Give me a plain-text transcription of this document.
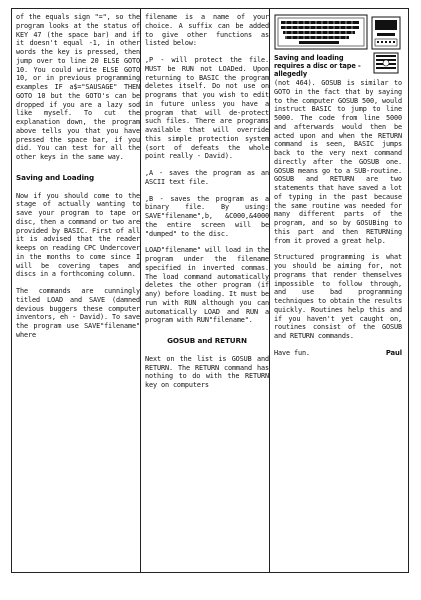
of the equals sign "=", so the program looks at the status of KEY 47 (the space bar) and if it doesn't equal -1, in other words the key is pressed, then jump over to line 20 ELSE GOTO 10. You could write ELSE GOTO 10, or in previous programming examples IF a$="SAUSAGE" THEN GOTO 10 but the GOTO's can be dropped if you are a lazy sod like myself. To cut the explanation down, the program above tells you that you have pressed the space bar, if you did. You can test for all the other keys in the same way.

Saving and Loading

Now if you should come to the stage of actually wanting to save your program to tape or disc, then a command or two are provided by BASIC. First of all it is advised that the reader keeps on reading CPC Undercover in the months to come since I will be covering tapes and discs in a forthcoming column.

The commands are cunningly titled LOAD and SAVE (damned devious buggers these computer inventors, eh - David). To save the program use SAVE"filename" where

filename is a name of your choice. A suffix can be added to give other functions as listed below:

,P - will protect the file. MUST be RUN not LOADed. Upon returning to BASIC the program deletes itself. Do not use on programs that you wish to edit in future unless you have a program that will de-protect such files. There are programs available that will override this simple protection system (sort of defeats the whole point really - David).

,A - saves the program as an ASCII text file.

,B - saves the program as a binary file. By using: SAVE"filename",b, &C000,&4000 the entire screen will be "dumped" to the disc.

LOAD"filename" will load in the program under the filename specified in inverted commas. The load command automatically deletes the other program (if any) before loading. It must be run with RUN although you can automatically LOAD and RUN a program with RUN"filename".

GOSUB and RETURN

Next on the list is GOSUB and RETURN. The RETURN command has nothing to do with the RETURN key on computers

Saving and loading requires a disc or tape - allegedly

(not 464). GOSUB is similar to GOTO in the fact that by saying to the computer GOSUB 500, would instruct BASIC to jump to line 5000. The code from line 5000 and afterwards would then be acted upon and when the RETURN command is seen, BASIC jumps back to the very next command directly after the GOSUB one. GOSUB means go to a SUB-routine. GOSUB and RETURN are two statements that have saved a lot of typing in the past because the same routine was needed for many different parts of the program, and so by GOSUBing to this part and then RETURNing from it proved a great help.

Structured programming is what you should be aiming for, not programs that render themselves impossible to follow through, and use bad programming techniques to obtain the results quickly. Routines help this and if you haven't yet caught on, routines consist of the GOSUB and RETURN commands.

Have fun.	Paul
